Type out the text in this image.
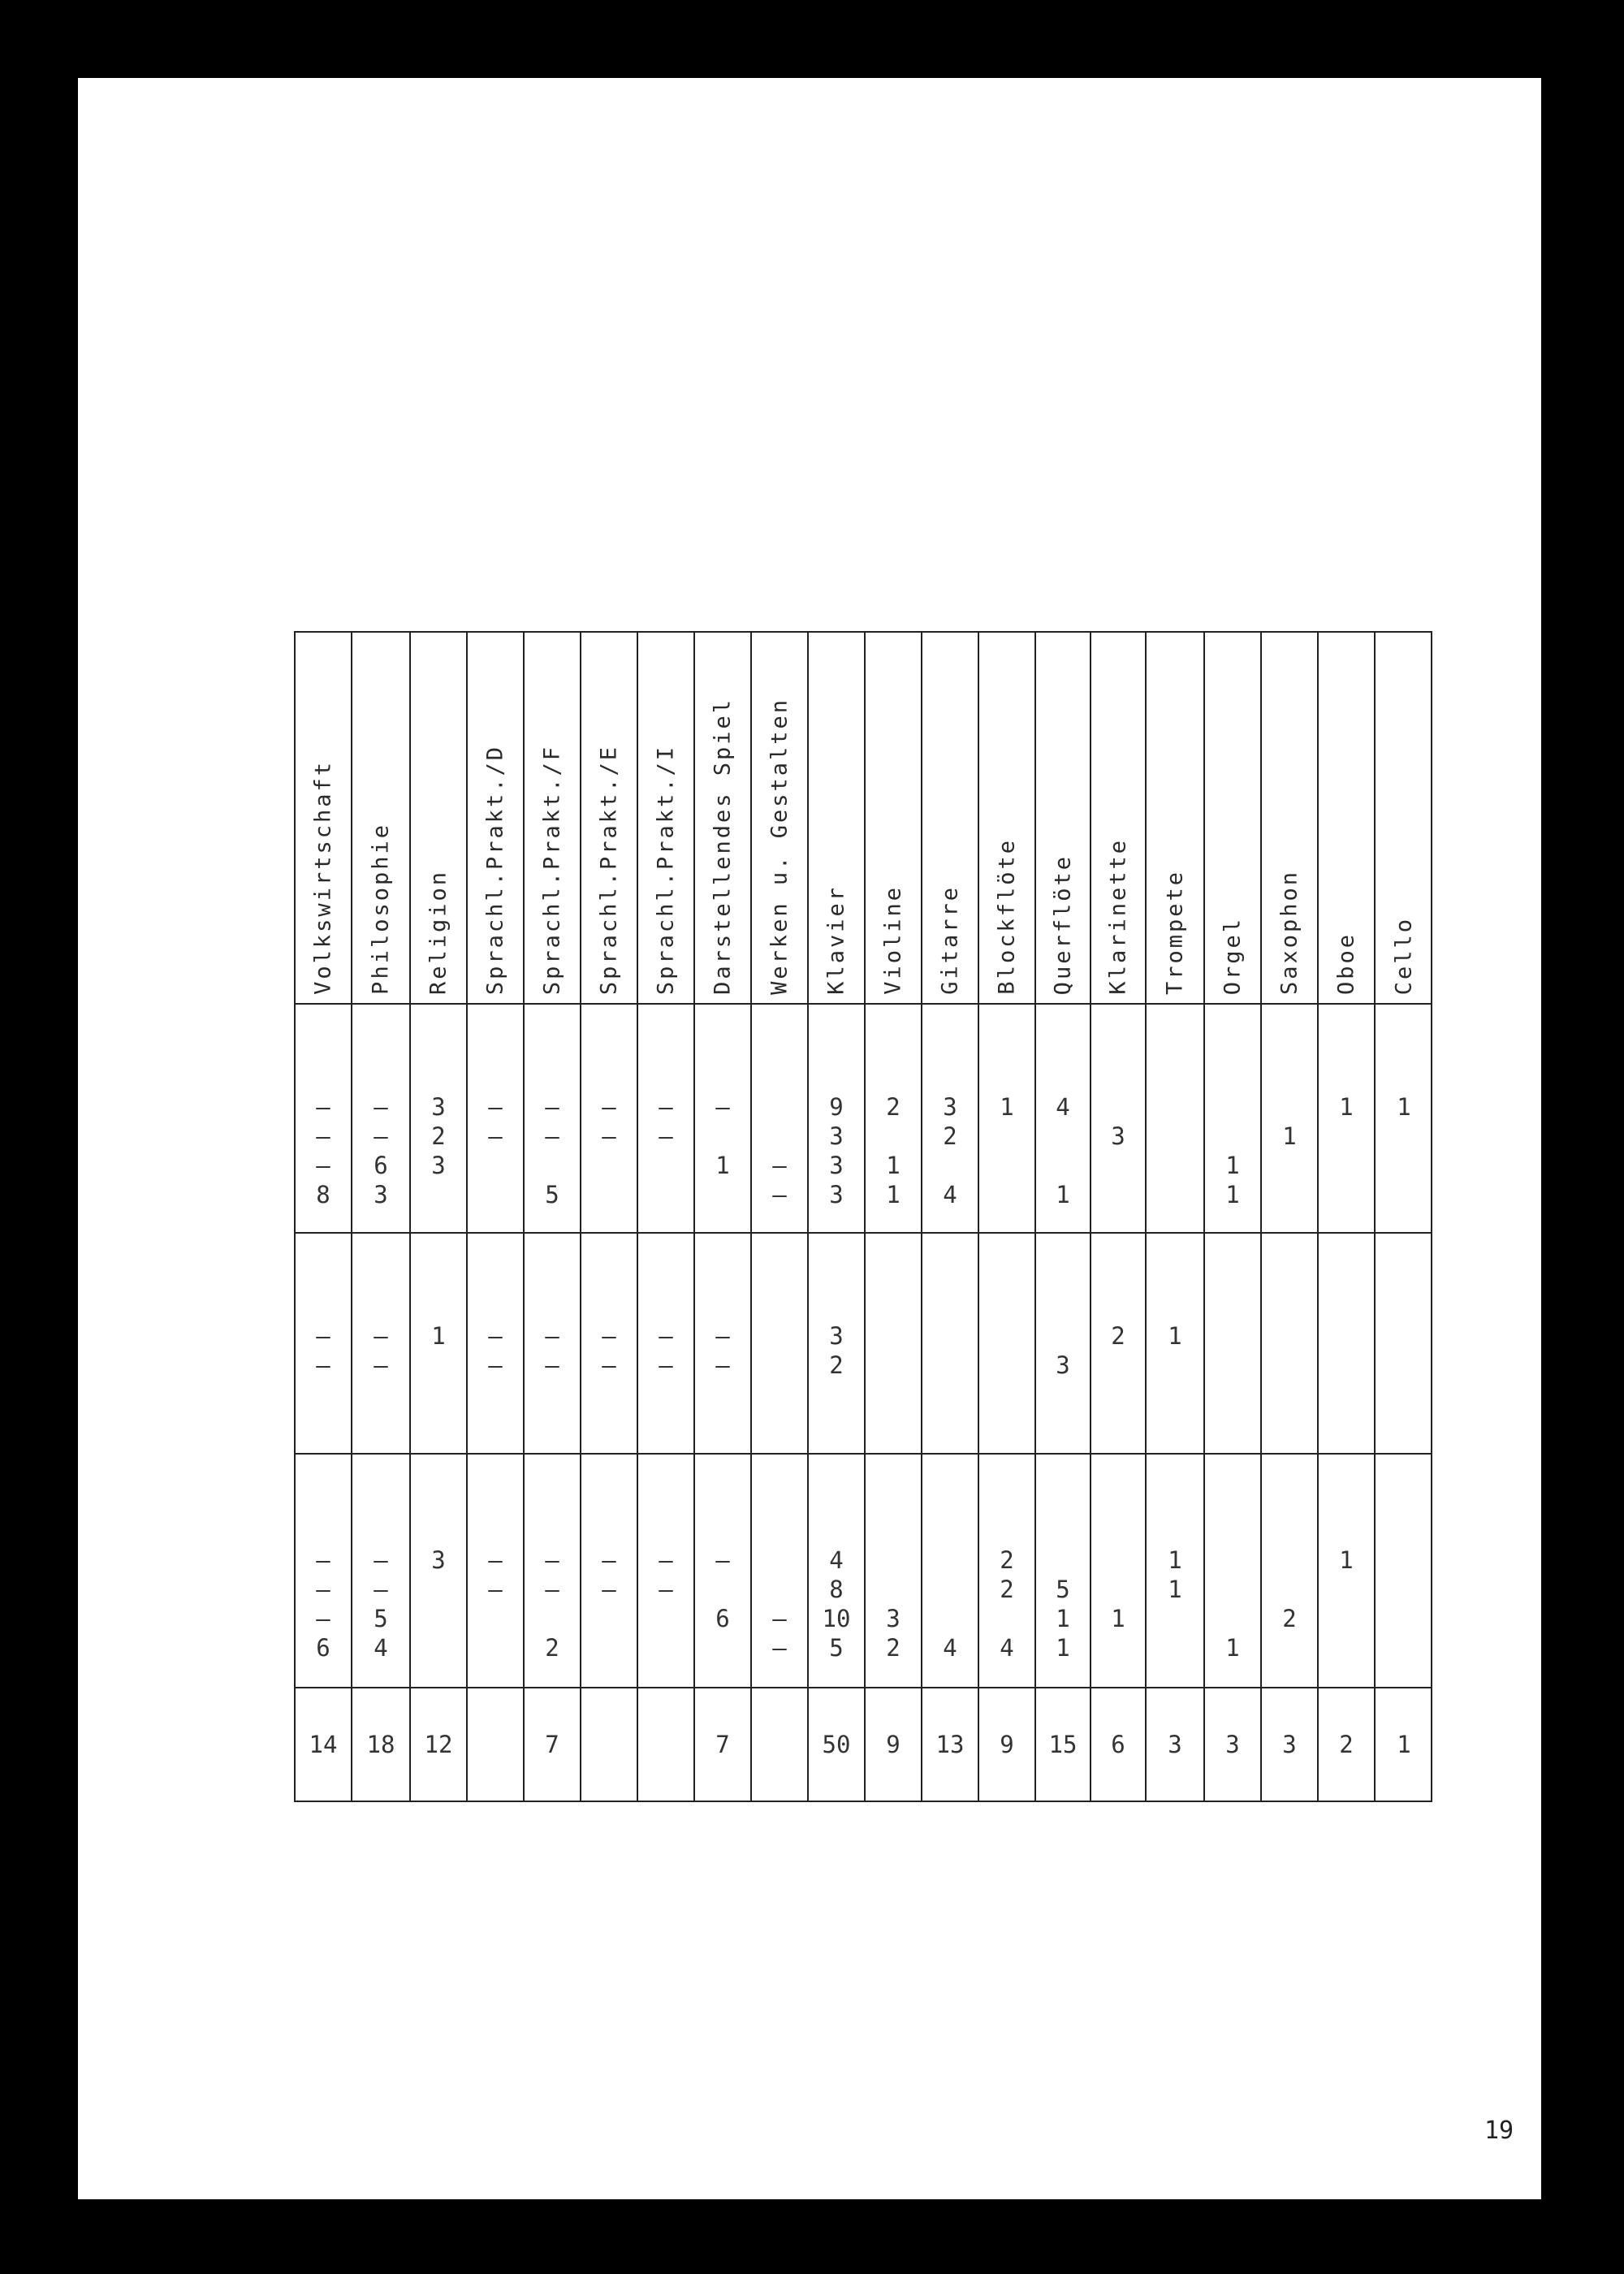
Volkswirtschaft
–
–
–
8
–
–
–
–
–
6
14
Philosophie
–
–
6
3
–
–
–
–
5
4
18
Religion
3
2
3
1
3
12
Sprachl.Prakt./D
–
–
–
–
–
–
Sprachl.Prakt./F
–
–
5
–
–
–
–
2
7
Sprachl.Prakt./E
–
–
–
–
–
–
Sprachl.Prakt./I
–
–
–
–
–
–
Darstellendes Spiel
–
1
–
–
–
6
7
Werken u. Gestalten
–
–
–
–
Klavier
9
3
3
3
3
2
4
8
10
5
50
Violine
2
1
1
3
2
9
Gitarre
3
2
4
4
13
Blockflöte
1
2
2
4
9
Querflöte
4
1
3
5
1
1
15
Klarinette
3
2
1
6
Trompete
1
1
1
3
Orgel
1
1
1
3
Saxophon
1
2
3
Oboe
1
1
2
Cello
1
1
19
